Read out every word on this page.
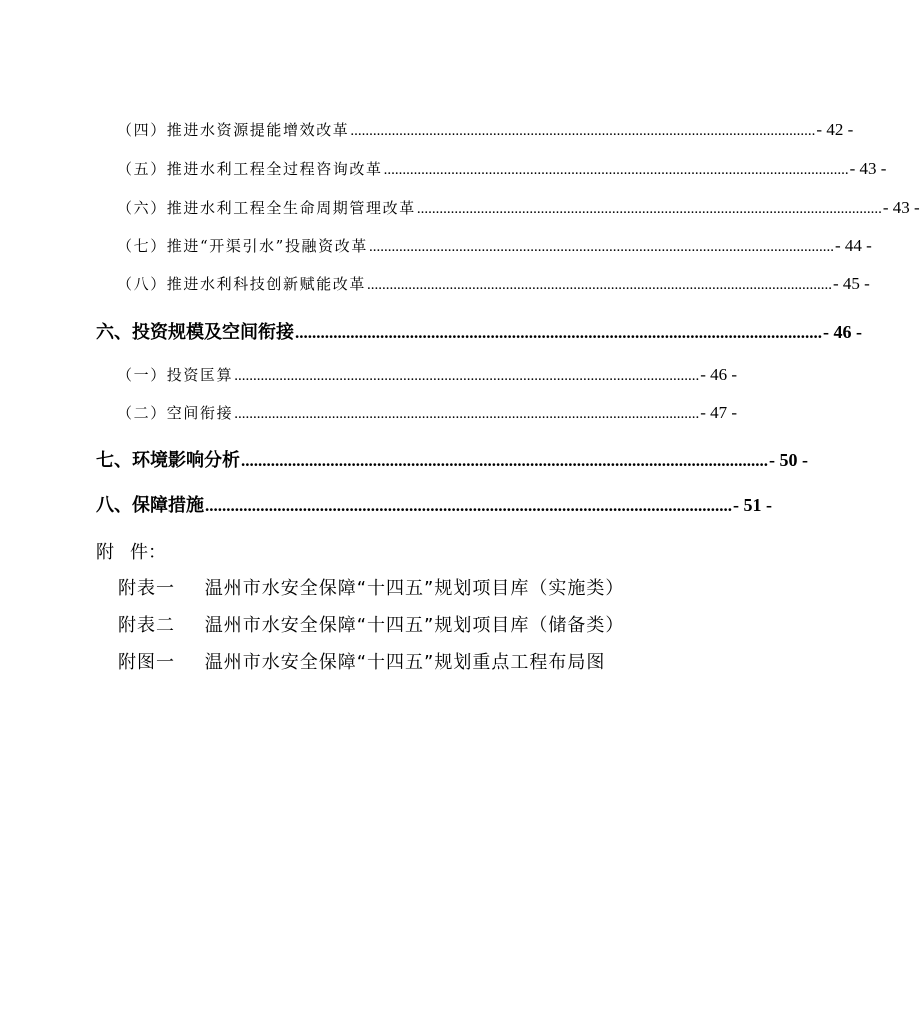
（四）推进水资源提能增效改革 ............................................................................................................................ - 42 -
（五）推进水利工程全过程咨询改革 ............................................................................................................................ - 43 -
（六）推进水利工程全生命周期管理改革 ............................................................................................................................ - 43 -
（七）推进“开渠引水”投融资改革 ............................................................................................................................ - 44 -
（八）推进水利科技创新赋能改革 ............................................................................................................................ - 45 -
六、投资规模及空间衔接 ............................................................................................................................ - 46 -
（一）投资匡算 ............................................................................................................................ - 46 -
（二）空间衔接 ............................................................................................................................ - 47 -
七、环境影响分析 ............................................................................................................................ - 50 -
八、保障措施 ............................................................................................................................ - 51 -
附 件：
附表一 温州市水安全保障“十四五”规划项目库（实施类）
附表二 温州市水安全保障“十四五”规划项目库（储备类）
附图一 温州市水安全保障“十四五”规划重点工程布局图
